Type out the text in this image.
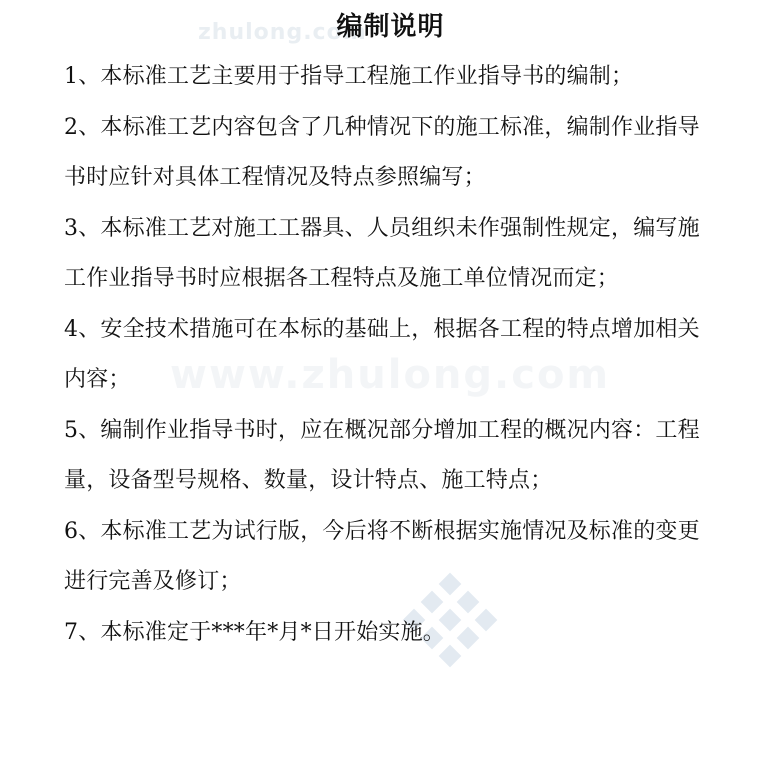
zhulong.com
www.zhulong.com
编制说明
1、本标准工艺主要用于指导工程施工作业指导书的编制；
2、本标准工艺内容包含了几种情况下的施工标准，编制作业指导
书时应针对具体工程情况及特点参照编写；
3、本标准工艺对施工工器具、人员组织未作强制性规定，编写施
工作业指导书时应根据各工程特点及施工单位情况而定；
4、安全技术措施可在本标的基础上，根据各工程的特点增加相关
内容；
5、编制作业指导书时，应在概况部分增加工程的概况内容：工程
量，设备型号规格、数量，设计特点、施工特点；
6、本标准工艺为试行版，今后将不断根据实施情况及标准的变更
进行完善及修订；
7、本标准定于***年*月*日开始实施。
